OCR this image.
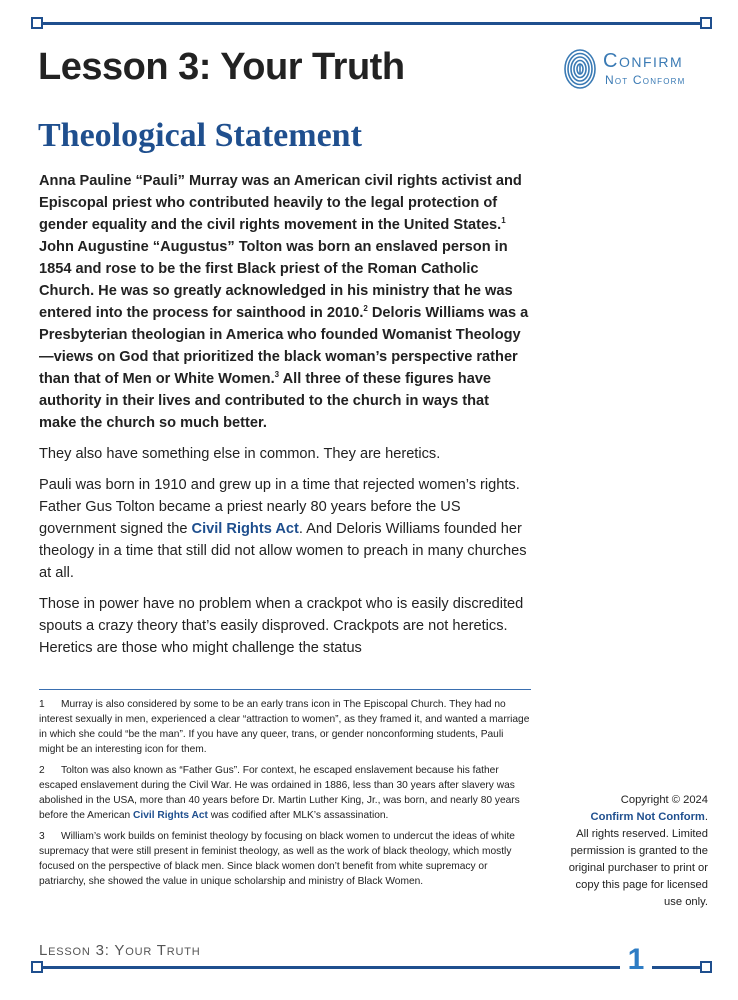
Lesson 3: Your Truth	Confirm
Not Conform
Theological Statement

Anna Pauline “Pauli” Murray was an American civil rights activist and Episcopal priest who contributed heavily to the legal protection of gender equality and the civil rights movement in the United States.$^1$ John Augustine “Augustus” Tolton was born an enslaved person in 1854 and rose to be the first Black priest of the Roman Catholic Church. He was so greatly acknowledged in his ministry that he was entered into the process for sainthood in 2010.$^2$ Deloris Williams was a Presbyterian theologian in America who founded Womanist Theology—views on God that prioritized the black woman’s perspective rather than that of Men or White Women.$^3$ All three of these figures have authority in their lives and contributed to the church in ways that make the church so much better.

They also have something else in common. They are heretics.

Pauli was born in 1910 and grew up in a time that rejected women’s rights. Father Gus Tolton became a priest nearly 80 years before the US government signed the Civil Rights Act. And Deloris Williams founded her theology in a time that still did not allow women to preach in many churches at all.

Those in power have no problem when a crackpot who is easily discredited spouts a crazy theory that’s easily disproved. Crackpots are not heretics. Heretics are those who might challenge the status

1 Murray is also considered by some to be an early trans icon in The Episcopal Church. They had no interest sexually in men, experienced a clear “attraction to women”, as they framed it, and wanted a marriage in which she could “be the man”. If you have any queer, trans, or gender nonconforming students, Pauli might be an interesting icon for them.

2 Tolton was also known as “Father Gus”. For context, he escaped enslavement because his father escaped enslavement during the Civil War. He was ordained in 1886, less than 30 years after slavery was abolished in the USA, more than 40 years before Dr. Martin Luther King, Jr., was born, and nearly 80 years before the American Civil Rights Act was codified after MLK’s assassination.

3 William’s work builds on feminist theology by focusing on black women to undercut the ideas of white supremacy that were still present in feminist theology, as well as the work of black theology, which mostly focused on the perspective of black men. Since black women don’t benefit from white supremacy or patriarchy, she showed the value in unique scholarship and ministry of Black Women.

Copyright © 2024
Confirm Not Conform.
All rights reserved. Limited permission is granted to the original purchaser to print or copy this page for licensed use only.
Lesson 3: Your Truth	1
